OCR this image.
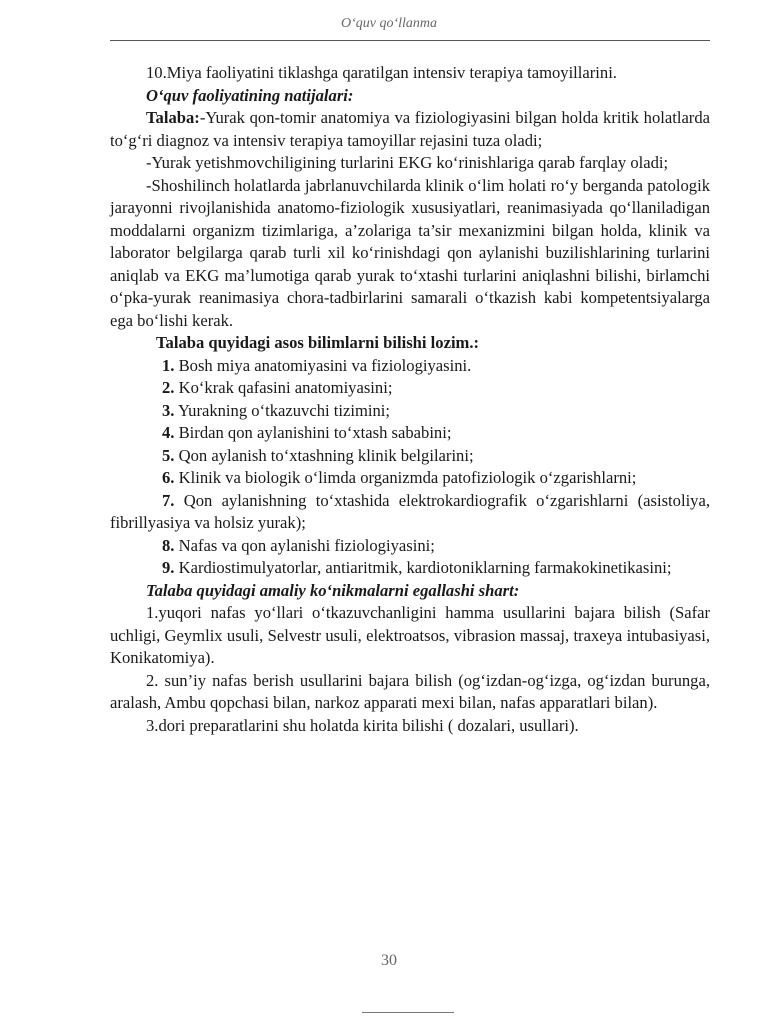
O‘quv qo‘llanma

10.Miya faoliyatini tiklashga qaratilgan intensiv terapiya tamoyillarini.

O‘quv faoliyatining natijalari:

Talaba:-Yurak qon-tomir anatomiya va fiziologiyasini bilgan holda kritik holatlarda to‘g‘ri diagnoz va intensiv terapiya tamoyillar rejasini tuza oladi;

-Yurak yetishmovchiligining turlarini EKG ko‘rinishlariga qarab farqlay oladi;

-Shoshilinch holatlarda jabrlanuvchilarda klinik o‘lim holati ro‘y berganda patologik jarayonni rivojlanishida anatomo-fiziologik xususiyatlari, reanimasiyada qo‘llaniladigan moddalarni organizm tizimlariga, a’zolariga ta’sir mexanizmini bilgan holda, klinik va laborator belgilarga qarab turli xil ko‘rinishdagi qon aylanishi buzilishlarining turlarini aniqlab va EKG ma’lumotiga qarab yurak to‘xtashi turlarini aniqlashni bilishi, birlamchi o‘pka-yurak reanimasiya chora-tadbirlarini samarali o‘tkazish kabi kompetentsiyalarga ega bo‘lishi kerak.

Talaba quyidagi asos bilimlarni bilishi lozim.:

1. Bosh miya anatomiyasini va fiziologiyasini.

2. Ko‘krak qafasini anatomiyasini;

3. Yurakning o‘tkazuvchi tizimini;

4. Birdan qon aylanishini to‘xtash sababini;

5. Qon aylanish to‘xtashning klinik belgilarini;

6. Klinik va biologik o‘limda organizmda patofiziologik o‘zgarishlarni;

7. Qon aylanishning to‘xtashida elektrokardiografik o‘zgarishlarni (asistoliya, fibrillyasiya va holsiz yurak);

8. Nafas va qon aylanishi fiziologiyasini;

9. Kardiostimulyatorlar, antiaritmik, kardiotoniklarning farmakokinetikasini;

Talaba quyidagi amaliy ko‘nikmalarni egallashi shart:

1.yuqori nafas yo‘llari o‘tkazuvchanligini hamma usullarini bajara bilish (Safar uchligi, Geymlix usuli, Selvestr usuli, elektroatsos, vibrasion massaj, traxeya intubasiyasi, Konikatomiya).

2. sun’iy nafas berish usullarini bajara bilish (og‘izdan-og‘izga, og‘izdan burunga, aralash, Ambu qopchasi bilan, narkoz apparati mexi bilan, nafas apparatlari bilan).

3.dori preparatlarini shu holatda kirita bilishi ( dozalari, usullari).

30
